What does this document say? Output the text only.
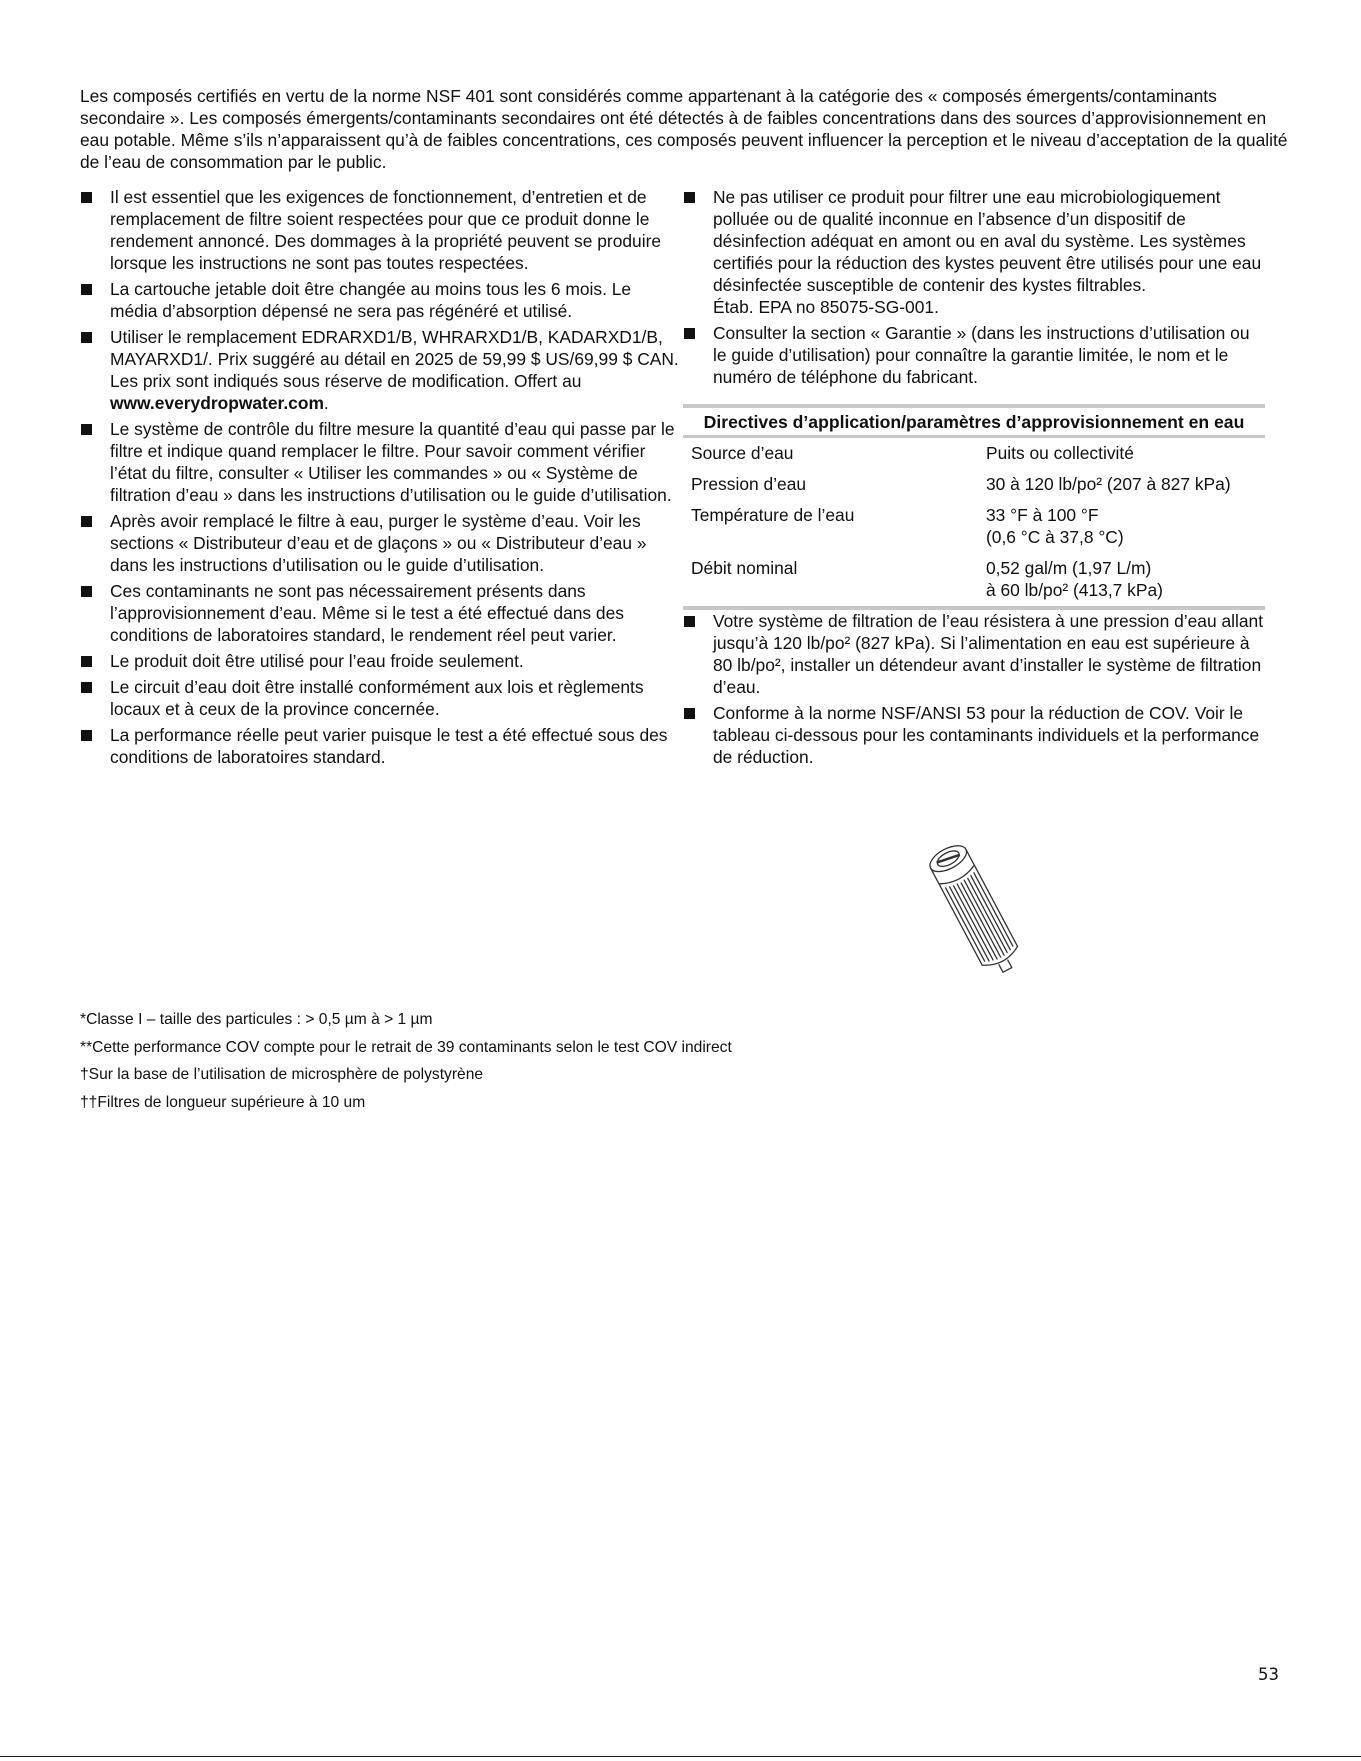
Les composés certifiés en vertu de la norme NSF 401 sont considérés comme appartenant à la catégorie des « composés émergents/contaminants secondaire ». Les composés émergents/contaminants secondaires ont été détectés à de faibles concentrations dans des sources d’approvisionnement en eau potable. Même s’ils n’apparaissent qu’à de faibles concentrations, ces composés peuvent influencer la perception et le niveau d’acceptation de la qualité de l’eau de consommation par le public.

Il est essentiel que les exigences de fonctionnement, d’entretien et de remplacement de filtre soient respectées pour que ce produit donne le rendement annoncé. Des dommages à la propriété peuvent se produire lorsque les instructions ne sont pas toutes respectées.
La cartouche jetable doit être changée au moins tous les 6 mois. Le média d’absorption dépensé ne sera pas régénéré et utilisé.
Utiliser le remplacement EDRARXD1/B, WHRARXD1/B, KADARXD1/B, MAYARXD1/. Prix suggéré au détail en 2025 de 59,99 $ US/69,99 $ CAN. Les prix sont indiqués sous réserve de modification. Offert au www.everydropwater.com.
Le système de contrôle du filtre mesure la quantité d’eau qui passe par le filtre et indique quand remplacer le filtre. Pour savoir comment vérifier l’état du filtre, consulter « Utiliser les commandes » ou « Système de filtration d’eau » dans les instructions d’utilisation ou le guide d’utilisation.
Après avoir remplacé le filtre à eau, purger le système d’eau. Voir les sections « Distributeur d’eau et de glaçons » ou « Distributeur d’eau » dans les instructions d’utilisation ou le guide d’utilisation.
Ces contaminants ne sont pas nécessairement présents dans l’approvisionnement d’eau. Même si le test a été effectué dans des conditions de laboratoires standard, le rendement réel peut varier.
Le produit doit être utilisé pour l’eau froide seulement.
Le circuit d’eau doit être installé conformément aux lois et règlements locaux et à ceux de la province concernée.
La performance réelle peut varier puisque le test a été effectué sous des conditions de laboratoires standard.
Ne pas utiliser ce produit pour filtrer une eau microbiologiquement polluée ou de qualité inconnue en l’absence d’un dispositif de désinfection adéquat en amont ou en aval du système. Les systèmes certifiés pour la réduction des kystes peuvent être utilisés pour une eau désinfectée susceptible de contenir des kystes filtrables.
Étab. EPA no 85075-SG-001.
Consulter la section « Garantie » (dans les instructions d’utilisation ou le guide d’utilisation) pour connaître la garantie limitée, le nom et le numéro de téléphone du fabricant.
Directives d’application/paramètres d’approvisionnement en eau
Source d’eau	Puits ou collectivité
Pression d’eau	30 à 120 lb/po² (207 à 827 kPa)
Température de l’eau	33 °F à 100 °F
(0,6 °C à 37,8 °C)
Débit nominal	0,52 gal/m (1,97 L/m)
à 60 lb/po² (413,7 kPa)
Votre système de filtration de l’eau résistera à une pression d’eau allant jusqu’à 120 lb/po² (827 kPa). Si l’alimentation en eau est supérieure à 80 lb/po², installer un détendeur avant d’installer le système de filtration d’eau.
Conforme à la norme NSF/ANSI 53 pour la réduction de COV. Voir le tableau ci-dessous pour les contaminants individuels et la performance de réduction.
*Classe I – taille des particules : > 0,5 µm à > 1 µm
**Cette performance COV compte pour le retrait de 39 contaminants selon le test COV indirect
†Sur la base de l’utilisation de microsphère de polystyrène
††Filtres de longueur supérieure à 10 um
53
